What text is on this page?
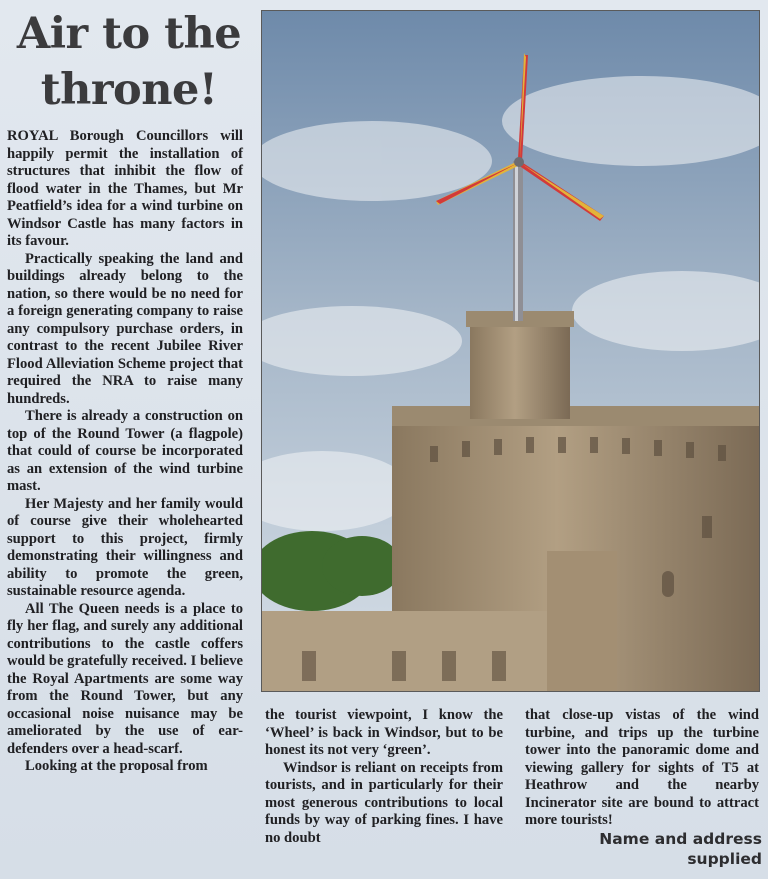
Air to the
throne!

ROYAL Borough Councillors will happily permit the installation of structures that inhibit the flow of flood water in the Thames, but Mr Peatfield’s idea for a wind turbine on Windsor Castle has many factors in its favour.

Practically speaking the land and buildings already belong to the nation, so there would be no need for a foreign generating company to raise any compulsory purchase orders, in contrast to the recent Jubilee River Flood Alleviation Scheme project that required the NRA to raise many hundreds.

There is already a construction on top of the Round Tower (a flagpole) that could of course be incorporated as an extension of the wind turbine mast.

Her Majesty and her family would of course give their wholehearted support to this project, firmly demonstrating their willingness and ability to promote the green, sustainable resource agenda.

All The Queen needs is a place to fly her flag, and surely any additional contributions to the castle coffers would be gratefully received. I believe the Royal Apartments are some way from the Round Tower, but any occasional noise nuisance may be ameliorated by the use of ear-defenders over a head-scarf.

Looking at the proposal from

the tourist viewpoint, I know the ‘Wheel’ is back in Windsor, but to be honest its not very ‘green’.

Windsor is reliant on receipts from tourists, and in particularly for their most generous contributions to local funds by way of parking fines. I have no doubt

that close-up vistas of the wind turbine, and trips up the turbine tower into the panoramic dome and viewing gallery for sights of T5 at Heathrow and the nearby Incinerator site are bound to attract more tourists!

Name and address supplied
